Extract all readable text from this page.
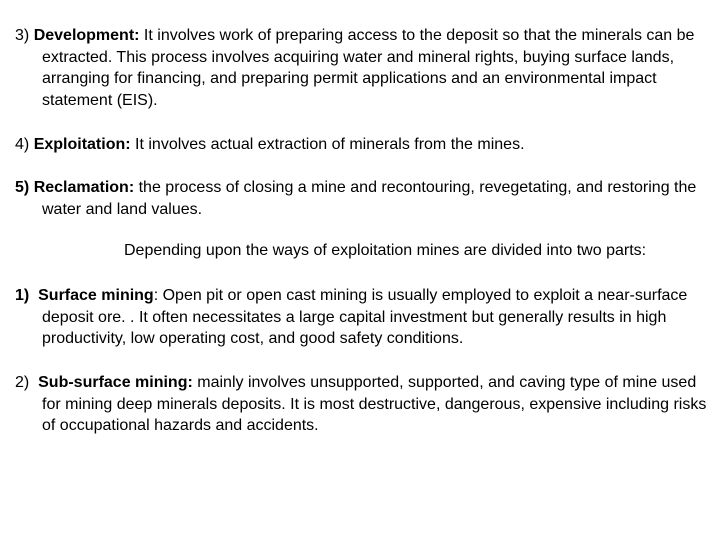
3) Development: It involves work of preparing access to the deposit so that the minerals can be extracted. This process involves acquiring water and mineral rights, buying surface lands, arranging for financing, and preparing permit applications and an environmental impact statement (EIS).
4) Exploitation: It involves actual extraction of minerals from the mines.
5) Reclamation: the process of closing a mine and recontouring, revegetating, and restoring the water and land values.
Depending upon the ways of exploitation mines are divided into two parts:
1) Surface mining: Open pit or open cast mining is usually employed to exploit a near-surface deposit ore. . It often necessitates a large capital investment but generally results in high productivity, low operating cost, and good safety conditions.
2) Sub-surface mining: mainly involves unsupported, supported, and caving type of mine used for mining deep minerals deposits. It is most destructive, dangerous, expensive including risks of occupational hazards and accidents.
